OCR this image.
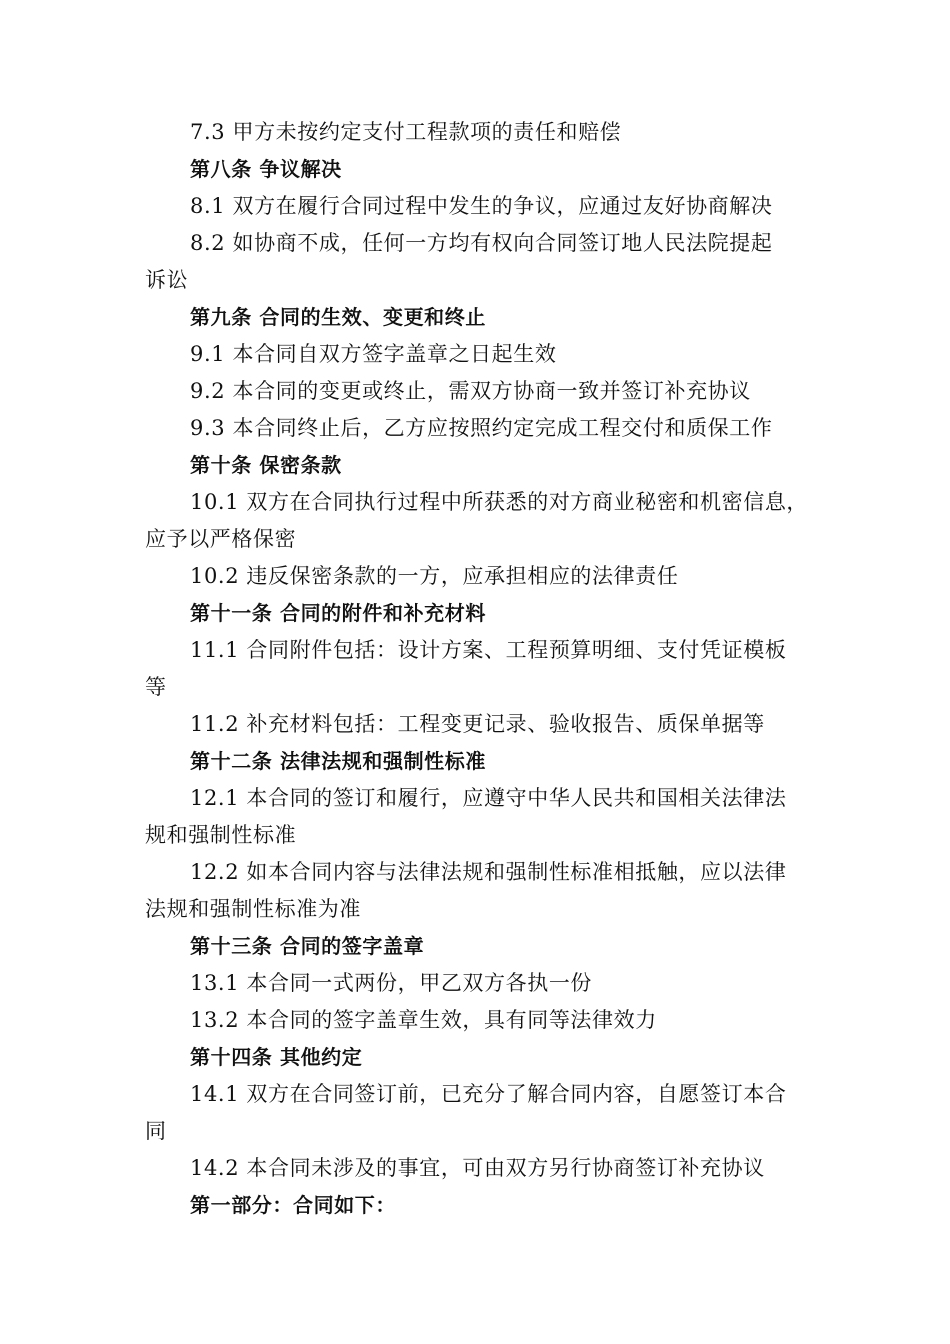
7.3 甲方未按约定支付工程款项的责任和赔偿
第八条 争议解决
8.1 双方在履行合同过程中发生的争议，应通过友好协商解决
8.2 如协商不成，任何一方均有权向合同签订地人民法院提起
诉讼
第九条 合同的生效、变更和终止
9.1 本合同自双方签字盖章之日起生效
9.2 本合同的变更或终止，需双方协商一致并签订补充协议
9.3 本合同终止后，乙方应按照约定完成工程交付和质保工作
第十条 保密条款
10.1 双方在合同执行过程中所获悉的对方商业秘密和机密信息，
应予以严格保密
10.2 违反保密条款的一方，应承担相应的法律责任
第十一条 合同的附件和补充材料
11.1 合同附件包括：设计方案、工程预算明细、支付凭证模板
等
11.2 补充材料包括：工程变更记录、验收报告、质保单据等
第十二条 法律法规和强制性标准
12.1 本合同的签订和履行，应遵守中华人民共和国相关法律法
规和强制性标准
12.2 如本合同内容与法律法规和强制性标准相抵触，应以法律
法规和强制性标准为准
第十三条 合同的签字盖章
13.1 本合同一式两份，甲乙双方各执一份
13.2 本合同的签字盖章生效，具有同等法律效力
第十四条 其他约定
14.1 双方在合同签订前，已充分了解合同内容，自愿签订本合
同
14.2 本合同未涉及的事宜，可由双方另行协商签订补充协议
第一部分：合同如下：
